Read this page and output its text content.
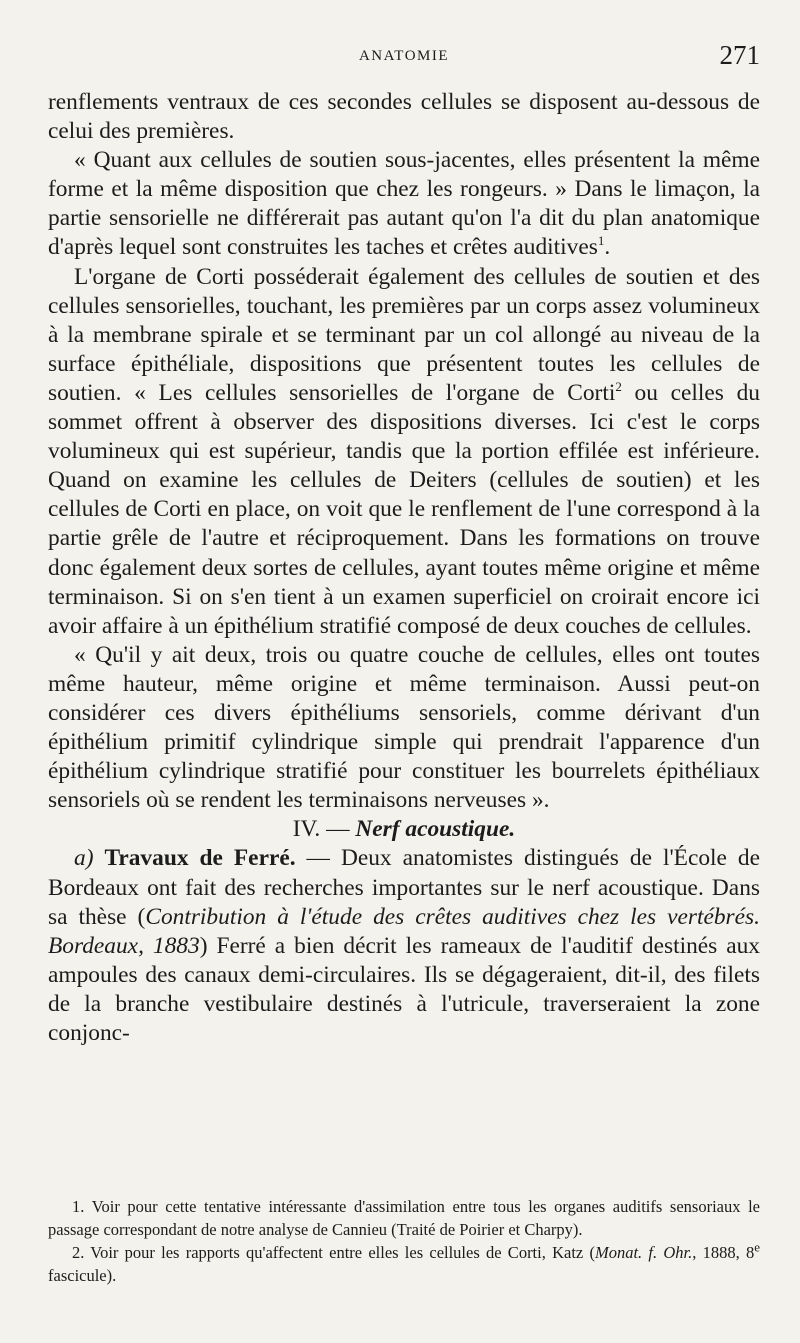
ANATOMIE	271

renflements ventraux de ces secondes cellules se disposent au-dessous de celui des premières.

« Quant aux cellules de soutien sous-jacentes, elles présentent la même forme et la même disposition que chez les rongeurs. » Dans le limaçon, la partie sensorielle ne différerait pas autant qu'on l'a dit du plan anatomique d'après lequel sont construites les taches et crêtes auditives$^1$.

L'organe de Corti posséderait également des cellules de soutien et des cellules sensorielles, touchant, les premières par un corps assez volumineux à la membrane spirale et se terminant par un col allongé au niveau de la surface épithéliale, dispositions que présentent toutes les cellules de soutien. « Les cellules sensorielles de l'organe de Corti$^2$ ou celles du sommet offrent à observer des dispositions diverses. Ici c'est le corps volumineux qui est supérieur, tandis que la portion effilée est inférieure. Quand on examine les cellules de Deiters (cellules de soutien) et les cellules de Corti en place, on voit que le renflement de l'une correspond à la partie grêle de l'autre et réciproquement. Dans les formations on trouve donc également deux sortes de cellules, ayant toutes même origine et même terminaison. Si on s'en tient à un examen superficiel on croirait encore ici avoir affaire à un épithélium stratifié composé de deux couches de cellules.

« Qu'il y ait deux, trois ou quatre couche de cellules, elles ont toutes même hauteur, même origine et même terminaison. Aussi peut-on considérer ces divers épithéliums sensoriels, comme dérivant d'un épithélium primitif cylindrique simple qui prendrait l'apparence d'un épithélium cylindrique stratifié pour constituer les bourrelets épithéliaux sensoriels où se rendent les terminaisons nerveuses ».

IV. — Nerf acoustique.

a) Travaux de Ferré. — Deux anatomistes distingués de l'École de Bordeaux ont fait des recherches importantes sur le nerf acoustique. Dans sa thèse (Contribution à l'étude des crêtes auditives chez les vertébrés. Bordeaux, 1883) Ferré a bien décrit les rameaux de l'auditif destinés aux ampoules des canaux demi-circulaires. Ils se dégageraient, dit-il, des filets de la branche vestibulaire destinés à l'utricule, traverseraient la zone conjonc-

1. Voir pour cette tentative intéressante d'assimilation entre tous les organes auditifs sensoriaux le passage correspondant de notre analyse de Cannieu (Traité de Poirier et Charpy).

2. Voir pour les rapports qu'affectent entre elles les cellules de Corti, Katz (Monat. f. Ohr., 1888, 8e fascicule).
